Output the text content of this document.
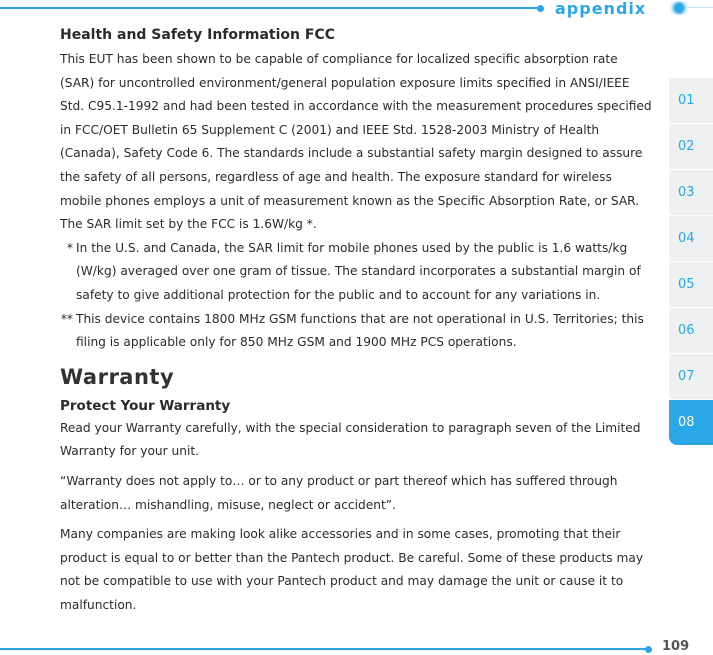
appendix
01
02
03
04
05
06
07
08
Health and Safety Information FCC

This EUT has been shown to be capable of compliance for localized specific absorption rate (SAR) for uncontrolled environment/general population exposure limits specified in ANSI/IEEE Std. C95.1-1992 and had been tested in accordance with the measurement procedures specified in FCC/OET Bulletin 65 Supplement C (2001) and IEEE Std. 1528-2003 Ministry of Health (Canada), Safety Code 6. The standards include a substantial safety margin designed to assure the safety of all persons, regardless of age and health. The exposure standard for wireless mobile phones employs a unit of measurement known as the Specific Absorption Rate, or SAR. The SAR limit set by the FCC is 1.6W/kg *.

* In the U.S. and Canada, the SAR limit for mobile phones used by the public is 1.6 watts/kg (W/kg) averaged over one gram of tissue. The standard incorporates a substantial margin of safety to give additional protection for the public and to account for any variations in.
** This device contains 1800 MHz GSM functions that are not operational in U.S. Territories; this filing is applicable only for 850 MHz GSM and 1900 MHz PCS operations.
Warranty
Protect Your Warranty

Read your Warranty carefully, with the special consideration to paragraph seven of the Limited Warranty for your unit.

“Warranty does not apply to… or to any product or part thereof which has suffered through alteration… mishandling, misuse, neglect or accident”.

Many companies are making look alike accessories and in some cases, promoting that their product is equal to or better than the Pantech product. Be careful. Some of these products may not be compatible to use with your Pantech product and may damage the unit or cause it to malfunction.

109
